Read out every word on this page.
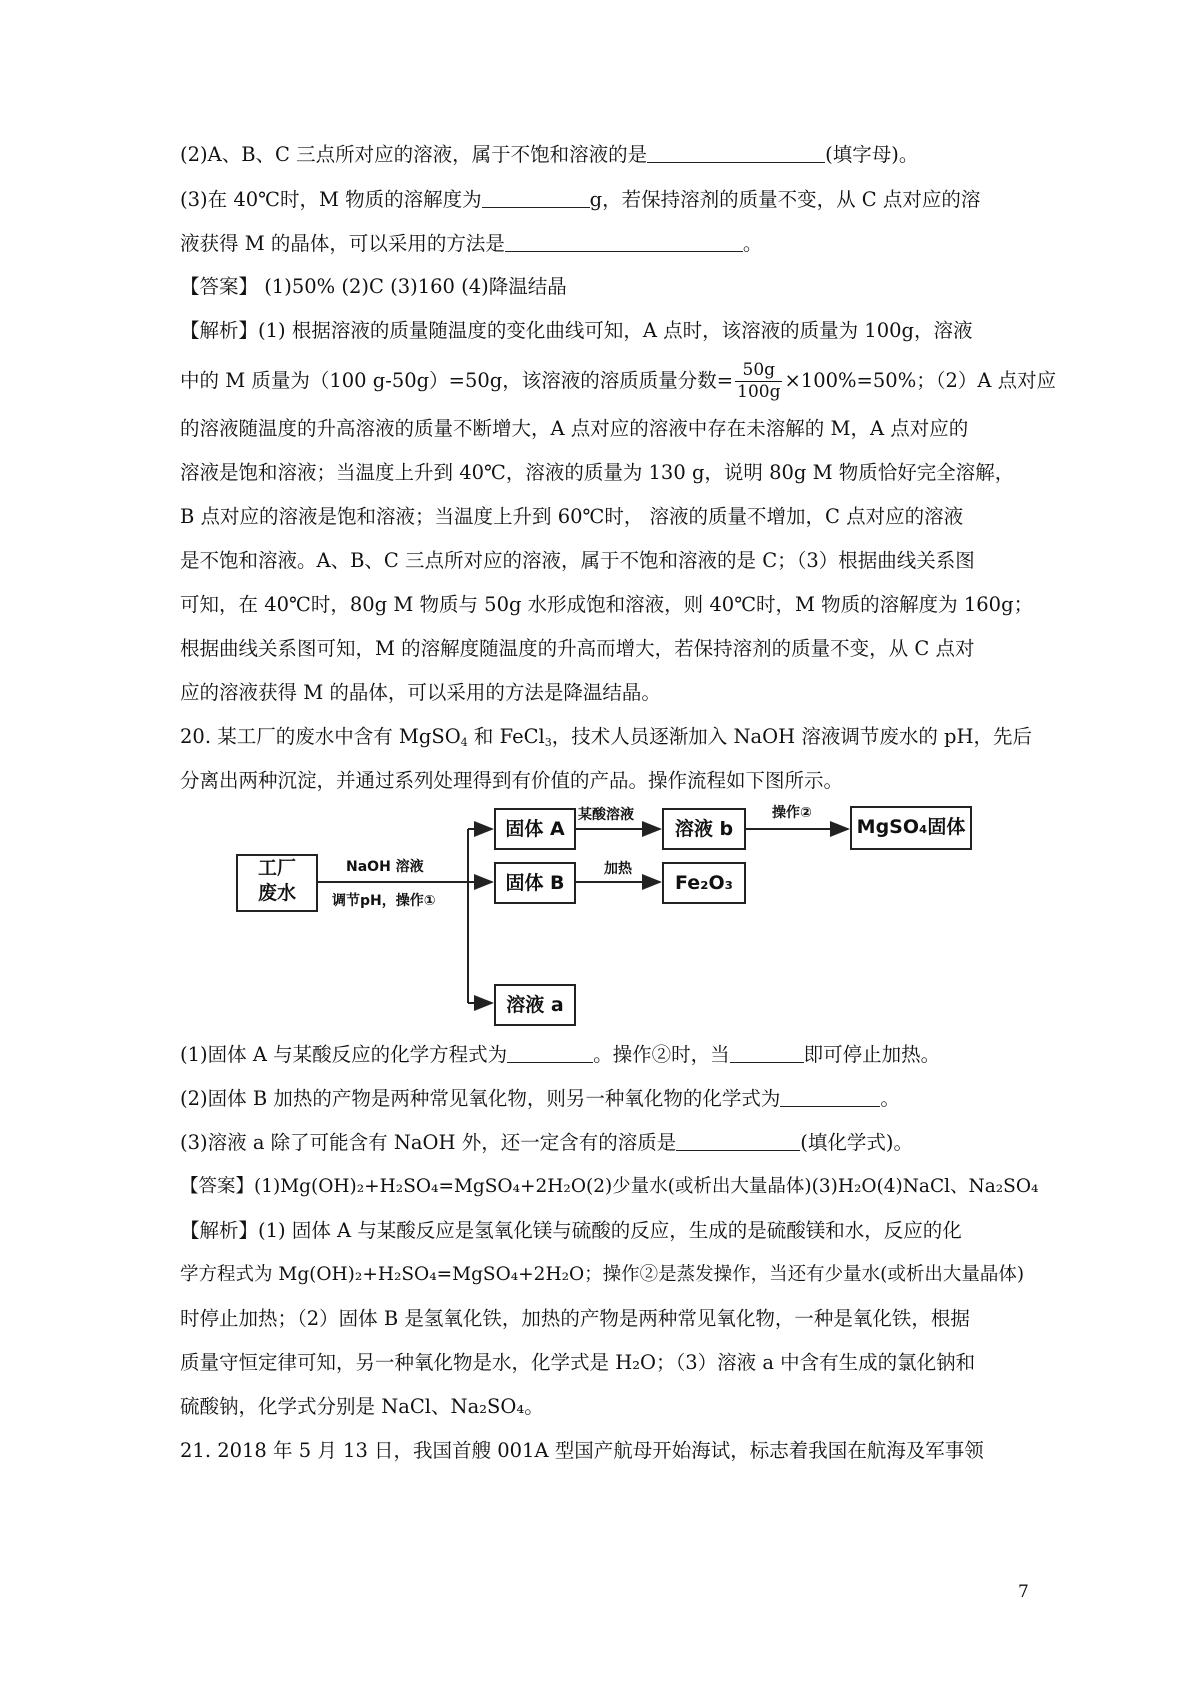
(2)A、B、C 三点所对应的溶液，属于不饱和溶液的是	(填字母)。
(3)在 40℃时，M 物质的溶解度为	g，若保持溶剂的质量不变，从 C 点对应的溶
液获得 M 的晶体，可以采用的方法是	。
【答案】 (1)50% (2)C (3)160 (4)降温结晶
【解析】(1) 根据溶液的质量随温度的变化曲线可知，A 点时，该溶液的质量为 100g，溶液
中的 M 质量为（100 g-50g）=50g，该溶液的溶质质量分数= $\frac{50g}{100g} \times 100\%=50\%$；（2）A 点对应
的溶液随温度的升高溶液的质量不断增大，A 点对应的溶液中存在未溶解的 M，A 点对应的
溶液是饱和溶液；当温度上升到 40℃，溶液的质量为 130 g，说明 80g M 物质恰好完全溶解，
B 点对应的溶液是饱和溶液；当温度上升到 60℃时， 溶液的质量不增加，C 点对应的溶液
是不饱和溶液。A、B、C 三点所对应的溶液，属于不饱和溶液的是 C；（3）根据曲线关系图
可知，在 40℃时，80g M 物质与 50g 水形成饱和溶液，则 40℃时，M 物质的溶解度为 160g；
根据曲线关系图可知，M 的溶解度随温度的升高而增大，若保持溶剂的质量不变，从 C 点对
应的溶液获得 M 的晶体，可以采用的方法是降温结晶。
20. 某工厂的废水中含有 MgSO$_4$ 和 FeCl$_3$，技术人员逐渐加入 NaOH 溶液调节废水的 pH，先后
分离出两种沉淀，并通过系列处理得到有价值的产品。操作流程如下图所示。
工厂
废水
NaOH 溶液
调节pH，操作①
固体 A
某酸溶液
溶液 b
操作②
MgSO₄固体
固体 B
加热
Fe₂O₃
溶液 a
(1)固体 A 与某酸反应的化学方程式为	。操作②时，当	即可停止加热。
(2)固体 B 加热的产物是两种常见氧化物，则另一种氧化物的化学式为	。
(3)溶液 a 除了可能含有 NaOH 外，还一定含有的溶质是	(填化学式)。
【答案】(1)Mg(OH)₂+H₂SO₄=MgSO₄+2H₂O(2)少量水(或析出大量晶体)(3)H₂O(4)NaCl、Na₂SO₄
【解析】(1) 固体 A 与某酸反应是氢氧化镁与硫酸的反应，生成的是硫酸镁和水，反应的化
学方程式为 Mg(OH)₂+H₂SO₄=MgSO₄+2H₂O；操作②是蒸发操作，当还有少量水(或析出大量晶体)
时停止加热；（2）固体 B 是氢氧化铁，加热的产物是两种常见氧化物，一种是氧化铁，根据
质量守恒定律可知，另一种氧化物是水，化学式是 H₂O；（3）溶液 a 中含有生成的氯化钠和
硫酸钠，化学式分别是 NaCl、Na₂SO₄。
21. 2018 年 5 月 13 日，我国首艘 001A 型国产航母开始海试，标志着我国在航海及军事领
7
